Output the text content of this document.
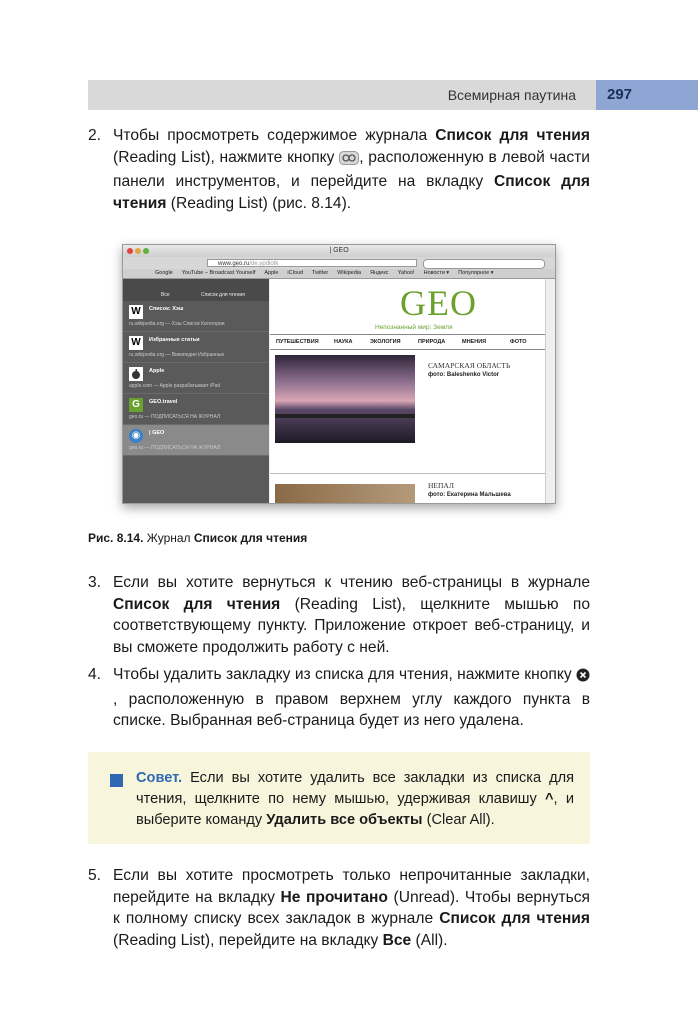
Всемирная паутина	297
2. Чтобы просмотреть содержимое журнала Список для чтения (Reading List), нажмите кнопку , расположенную в левой части панели инструментов, и перейдите на вкладку Список для чтения (Reading List) (рис. 8.14).
| GEO
www.geo.ru/de.ypdiotk
Google YouTube – Broadcast Yourself Apple iCloud Twitter Wikipedia Яндекс Yahoo! Новости ▾ Популярное ▾
Все	Список для чтения
W	Список: Хэш
ru.wikipedia.org — Хэш Список Категории
W	Избранные статьи
ru.wikipedia.org — Википедия Избранные
Apple
apple.com — Apple разрабатывает iPad
G	GEO.travel
geo.ru — ПОДПИСАТЬСЯ НА ЖУРНАЛ
◉	| GEO
geo.ru — ПОДПИСАТЬСЯ НА ЖУРНАЛ
GEO
Непознанный мир: Земля
ПУТЕШЕСТВИЯ	НАУКА	ЭКОЛОГИЯ	ПРИРОДА	МНЕНИЯ	ФОТО
САМАРСКАЯ ОБЛАСТЬ
фото: Baleshenko Victor
НЕПАЛ
фото: Екатерина Мальшева
Рис. 8.14. Журнал Список для чтения
3. Если вы хотите вернуться к чтению веб-страницы в журнале Список для чтения (Reading List), щелкните мышью по соответствующему пункту. Приложение откроет веб-страницу, и вы сможете продолжить работу с ней.
4. Чтобы удалить закладку из списка для чтения, нажмите кнопку , расположенную в правом верхнем углу каждого пункта в списке. Выбранная веб-страница будет из него удалена.
Совет. Если вы хотите удалить все закладки из списка для чтения, щелкните по нему мышью, удерживая клавишу ^, и выберите команду Удалить все объекты (Clear All).
5. Если вы хотите просмотреть только непрочитанные закладки, перейдите на вкладку Не прочитано (Unread). Чтобы вернуться к полному списку всех закладок в журнале Список для чтения (Reading List), перейдите на вкладку Все (All).
